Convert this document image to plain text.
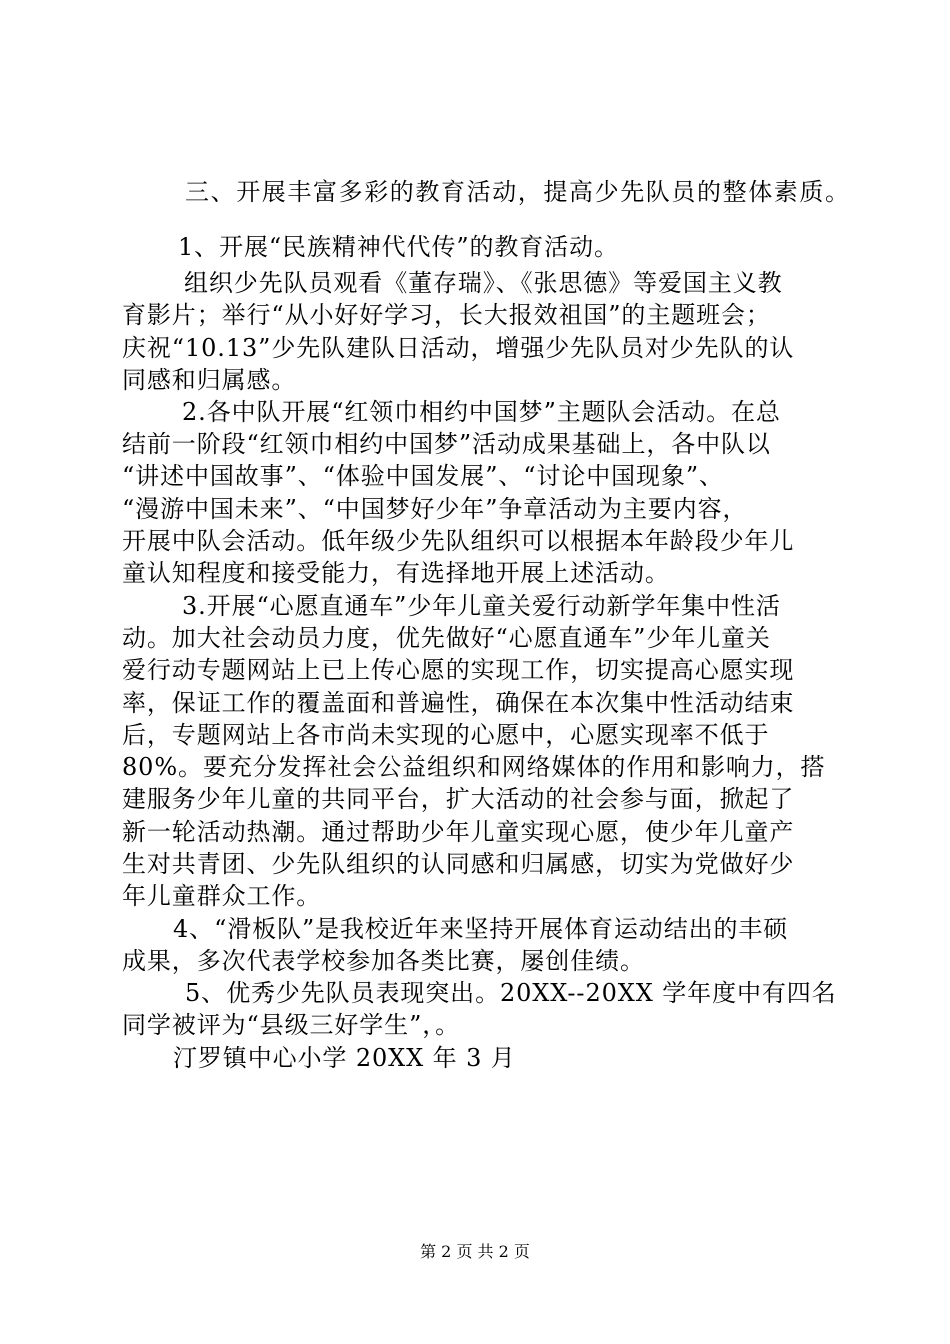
三、开展丰富多彩的教育活动，提高少先队员的整体素质。

1、开展“民族精神代代传”的教育活动。

组织少先队员观看《董存瑞》、《张思德》等爱国主义教

育影片；举行“从小好好学习，长大报效祖国”的主题班会；

庆祝“10.13”少先队建队日活动，增强少先队员对少先队的认

同感和归属感。

2.各中队开展“红领巾相约中国梦”主题队会活动。在总

结前一阶段“红领巾相约中国梦”活动成果基础上，各中队以

“讲述中国故事”、“体验中国发展”、“讨论中国现象”、

“漫游中国未来”、“中国梦好少年”争章活动为主要内容，

开展中队会活动。低年级少先队组织可以根据本年龄段少年儿

童认知程度和接受能力，有选择地开展上述活动。

3.开展“心愿直通车”少年儿童关爱行动新学年集中性活

动。加大社会动员力度，优先做好“心愿直通车”少年儿童关

爱行动专题网站上已上传心愿的实现工作，切实提高心愿实现

率，保证工作的覆盖面和普遍性，确保在本次集中性活动结束

后，专题网站上各市尚未实现的心愿中，心愿实现率不低于

80%。要充分发挥社会公益组织和网络媒体的作用和影响力，搭

建服务少年儿童的共同平台，扩大活动的社会参与面，掀起了

新一轮活动热潮。通过帮助少年儿童实现心愿，使少年儿童产

生对共青团、少先队组织的认同感和归属感，切实为党做好少

年儿童群众工作。

4、“滑板队”是我校近年来坚持开展体育运动结出的丰硕

成果，多次代表学校参加各类比赛，屡创佳绩。

5、优秀少先队员表现突出。20XX--20XX 学年度中有四名

同学被评为“县级三好学生”，。

汀罗镇中心小学 20XX 年 3 月

第 2 页 共 2 页
